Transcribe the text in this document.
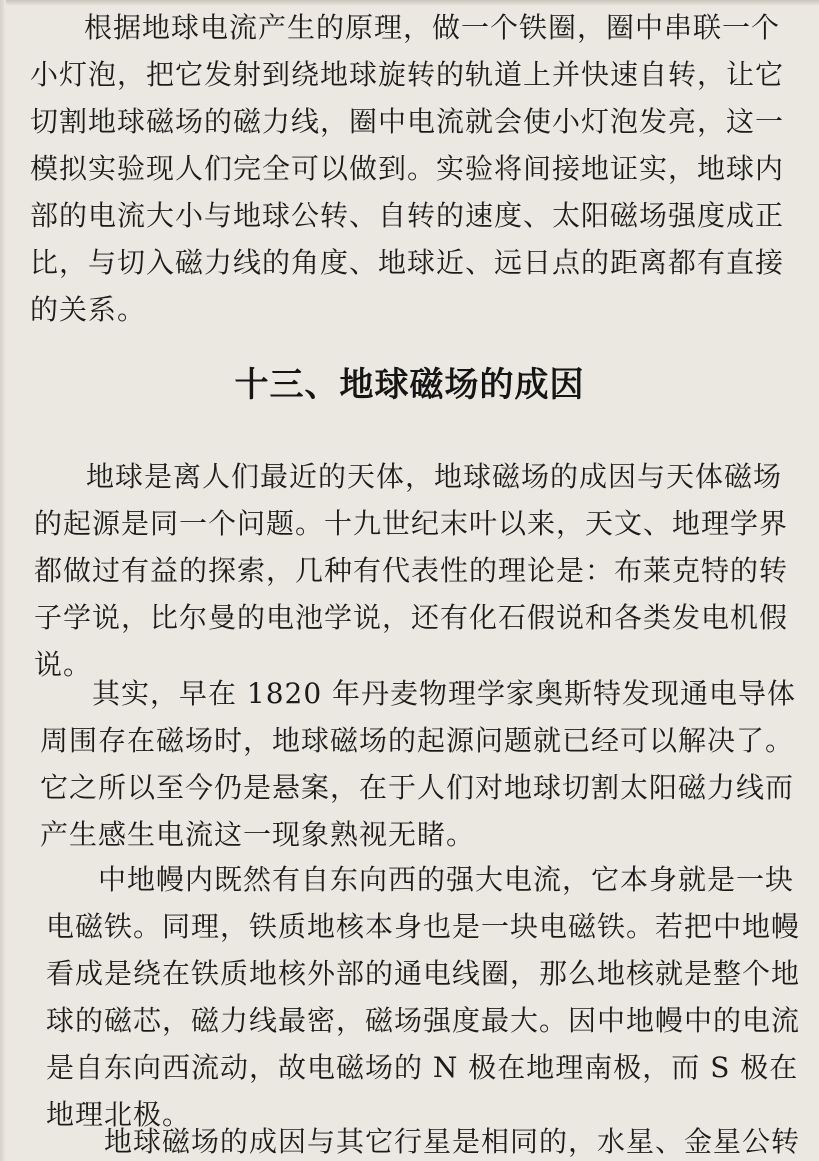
根据地球电流产生的原理，做一个铁圈，圈中串联一个

小灯泡，把它发射到绕地球旋转的轨道上并快速自转，让它

切割地球磁场的磁力线，圈中电流就会使小灯泡发亮，这一

模拟实验现人们完全可以做到。实验将间接地证实，地球内

部的电流大小与地球公转、自转的速度、太阳磁场强度成正

比，与切入磁力线的角度、地球近、远日点的距离都有直接

的关系。

十三、地球磁场的成因

地球是离人们最近的天体，地球磁场的成因与天体磁场

的起源是同一个问题。十九世纪末叶以来，天文、地理学界

都做过有益的探索，几种有代表性的理论是：布莱克特的转

子学说，比尔曼的电池学说，还有化石假说和各类发电机假

说。

其实，早在 1820 年丹麦物理学家奥斯特发现通电导体

周围存在磁场时，地球磁场的起源问题就已经可以解决了。

它之所以至今仍是悬案，在于人们对地球切割太阳磁力线而

产生感生电流这一现象熟视无睹。

中地幔内既然有自东向西的强大电流，它本身就是一块

电磁铁。同理，铁质地核本身也是一块电磁铁。若把中地幔

看成是绕在铁质地核外部的通电线圈，那么地核就是整个地

球的磁芯，磁力线最密，磁场强度最大。因中地幔中的电流

是自东向西流动，故电磁场的 N 极在地理南极，而 S 极在

地理北极。

地球磁场的成因与其它行星是相同的，水星、金星公转
